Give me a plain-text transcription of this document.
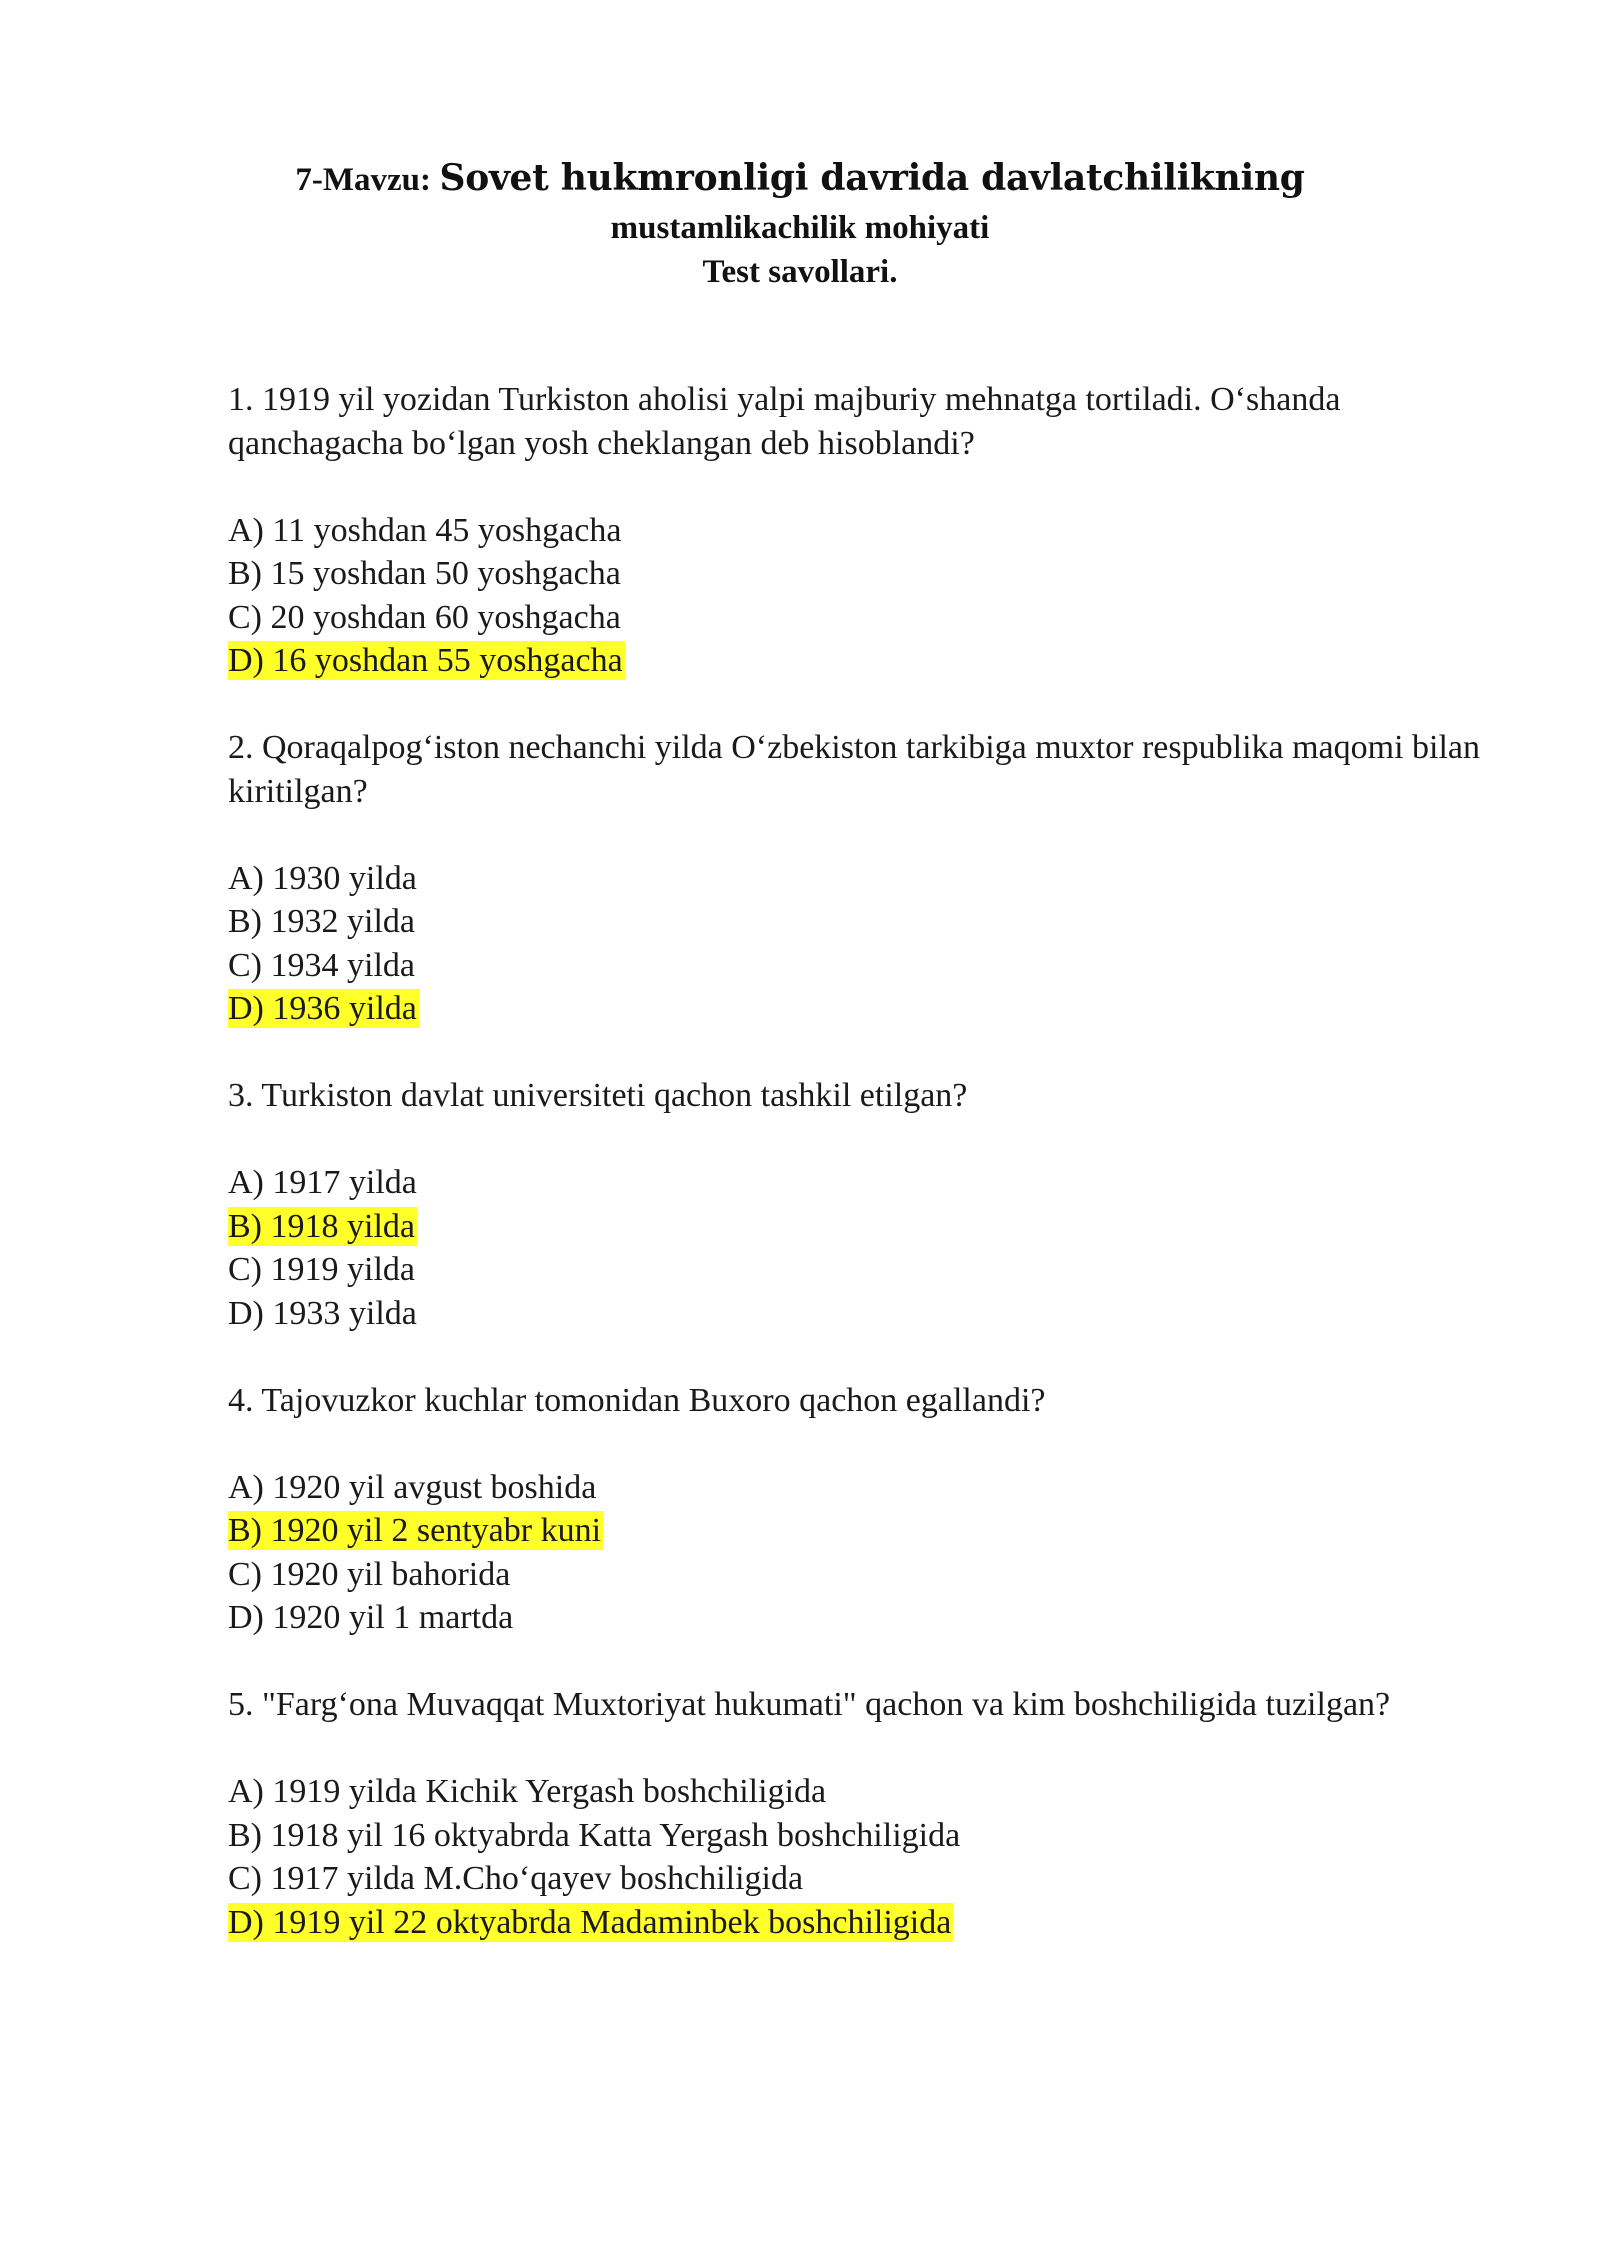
7-Mavzu: Sovet hukmronligi davrida davlatchilikning
mustamlikachilik mohiyati
Test savollari.
1. 1919 yil yozidan Turkiston aholisi yalpi majburiy mehnatga tortiladi. O‘shanda qanchagacha bo‘lgan yosh cheklangan deb hisoblandi?
A) 11 yoshdan 45 yoshgacha
B) 15 yoshdan 50 yoshgacha
C) 20 yoshdan 60 yoshgacha
D) 16 yoshdan 55 yoshgacha
2. Qoraqalpog‘iston nechanchi yilda O‘zbekiston tarkibiga muxtor respublika maqomi bilan kiritilgan?
A) 1930 yilda
B) 1932 yilda
C) 1934 yilda
D) 1936 yilda
3. Turkiston davlat universiteti qachon tashkil etilgan?
A) 1917 yilda
B) 1918 yilda
C) 1919 yilda
D) 1933 yilda
4. Tajovuzkor kuchlar tomonidan Buxoro qachon egallandi?
A) 1920 yil avgust boshida
B) 1920 yil 2 sentyabr kuni
C) 1920 yil bahorida
D) 1920 yil 1 martda
5. "Farg‘ona Muvaqqat Muxtoriyat hukumati" qachon va kim boshchiligida tuzilgan?
A) 1919 yilda Kichik Yergash boshchiligida
B) 1918 yil 16 oktyabrda Katta Yergash boshchiligida
C) 1917 yilda M.Cho‘qayev boshchiligida
D) 1919 yil 22 oktyabrda Madaminbek boshchiligida
